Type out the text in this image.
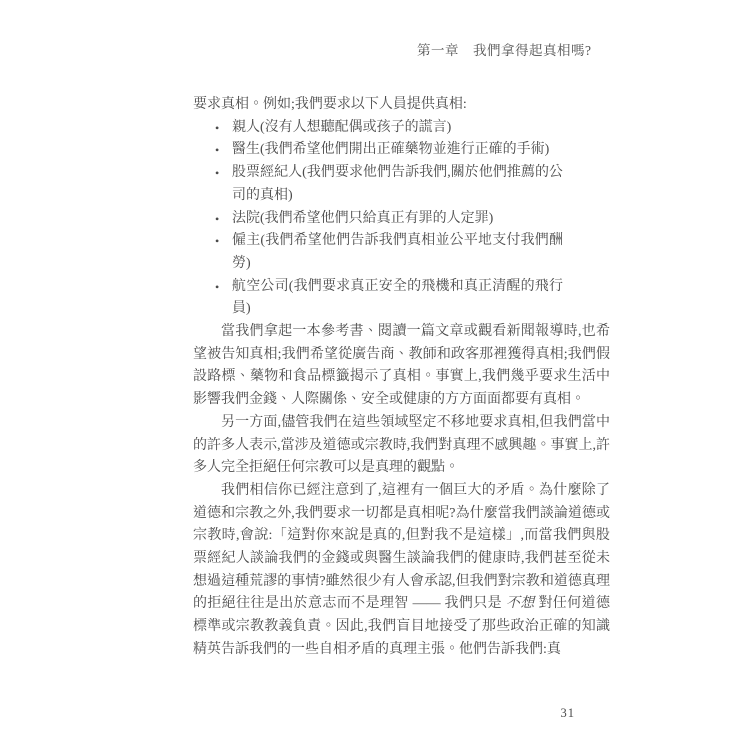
第一章　我們拿得起真相嗎?

要求真相。例如;我們要求以下人員提供真相:

• 親人(沒有人想聽配偶或孩子的謊言)
• 醫生(我們希望他們開出正確藥物並進行正確的手術)
• 股票經紀人(我們要求他們告訴我們,關於他們推薦的公司的真相)
• 法院(我們希望他們只給真正有罪的人定罪)
• 僱主(我們希望他們告訴我們真相並公平地支付我們酬勞)
• 航空公司(我們要求真正安全的飛機和真正清醒的飛行員)

當我們拿起一本參考書、閱讀一篇文章或觀看新聞報導時,也希望被告知真相;我們希望從廣告商、教師和政客那裡獲得真相;我們假設路標、藥物和食品標籤揭示了真相。事實上,我們幾乎要求生活中影響我們金錢、人際關係、安全或健康的方方面面都要有真相。

另一方面,儘管我們在這些領域堅定不移地要求真相,但我們當中的許多人表示,當涉及道德或宗教時,我們對真理不感興趣。事實上,許多人完全拒絕任何宗教可以是真理的觀點。

我們相信你已經注意到了,這裡有一個巨大的矛盾。為什麼除了道德和宗教之外,我們要求一切都是真相呢?為什麼當我們談論道德或宗教時,會說:「這對你來說是真的,但對我不是這樣」,而當我們與股票經紀人談論我們的金錢或與醫生談論我們的健康時,我們甚至從未想過這種荒謬的事情?雖然很少有人會承認,但我們對宗教和道德真理的拒絕往往是出於意志而不是理智 —— 我們只是 不想 對任何道德標準或宗教教義負責。因此,我們盲目地接受了那些政治正確的知識精英告訴我們的一些自相矛盾的真理主張。他們告訴我們:真

31
